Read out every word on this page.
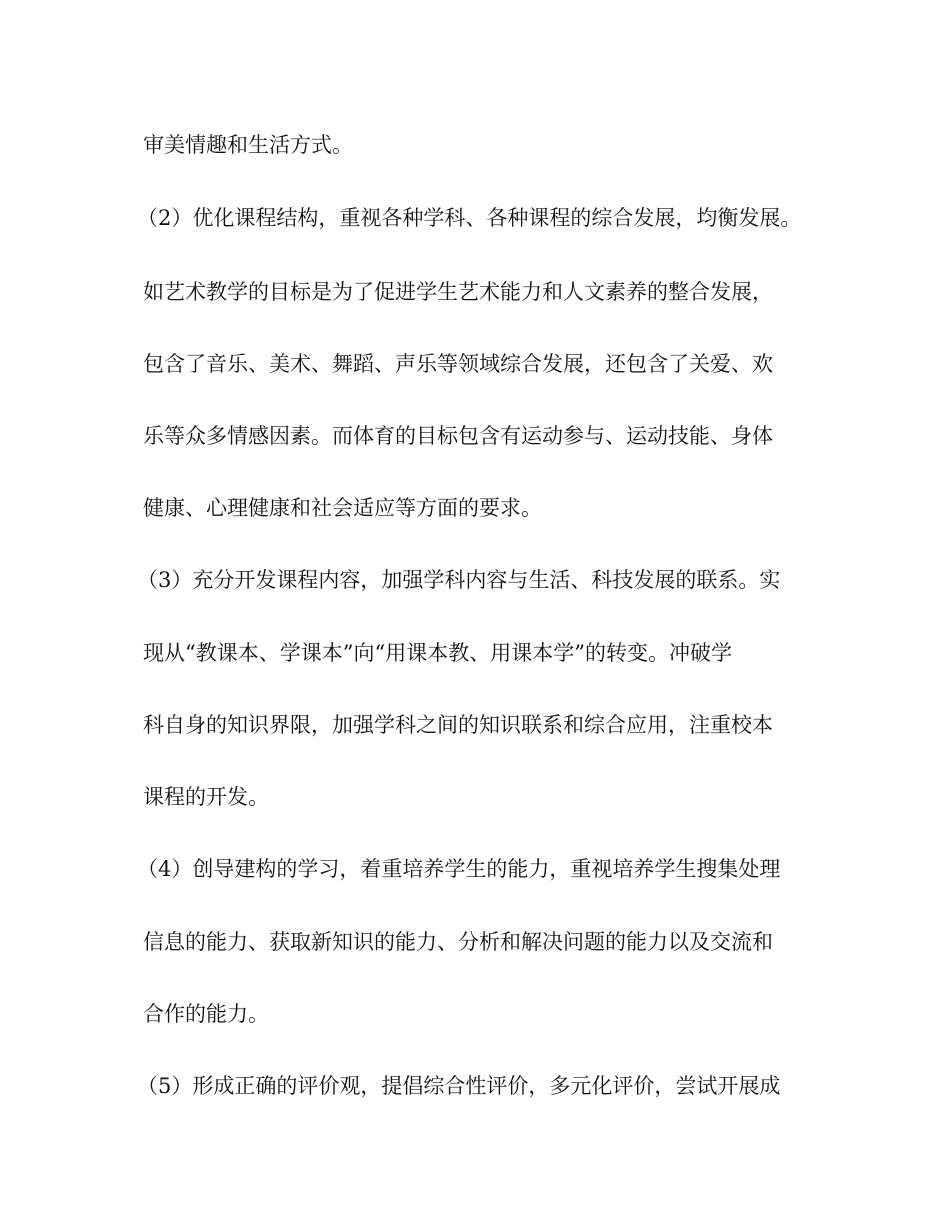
审美情趣和生活方式。
（2）优化课程结构，重视各种学科、各种课程的综合发展，均衡发展。
如艺术教学的目标是为了促进学生艺术能力和人文素养的整合发展，
包含了音乐、美术、舞蹈、声乐等领域综合发展，还包含了关爱、欢
乐等众多情感因素。而体育的目标包含有运动参与、运动技能、身体
健康、心理健康和社会适应等方面的要求。
（3）充分开发课程内容，加强学科内容与生活、科技发展的联系。实
现从“教课本、学课本”向“用课本教、用课本学”的转变。冲破学
科自身的知识界限，加强学科之间的知识联系和综合应用，注重校本
课程的开发。
（4）创导建构的学习，着重培养学生的能力，重视培养学生搜集处理
信息的能力、获取新知识的能力、分析和解决问题的能力以及交流和
合作的能力。
（5）形成正确的评价观，提倡综合性评价，多元化评价，尝试开展成
